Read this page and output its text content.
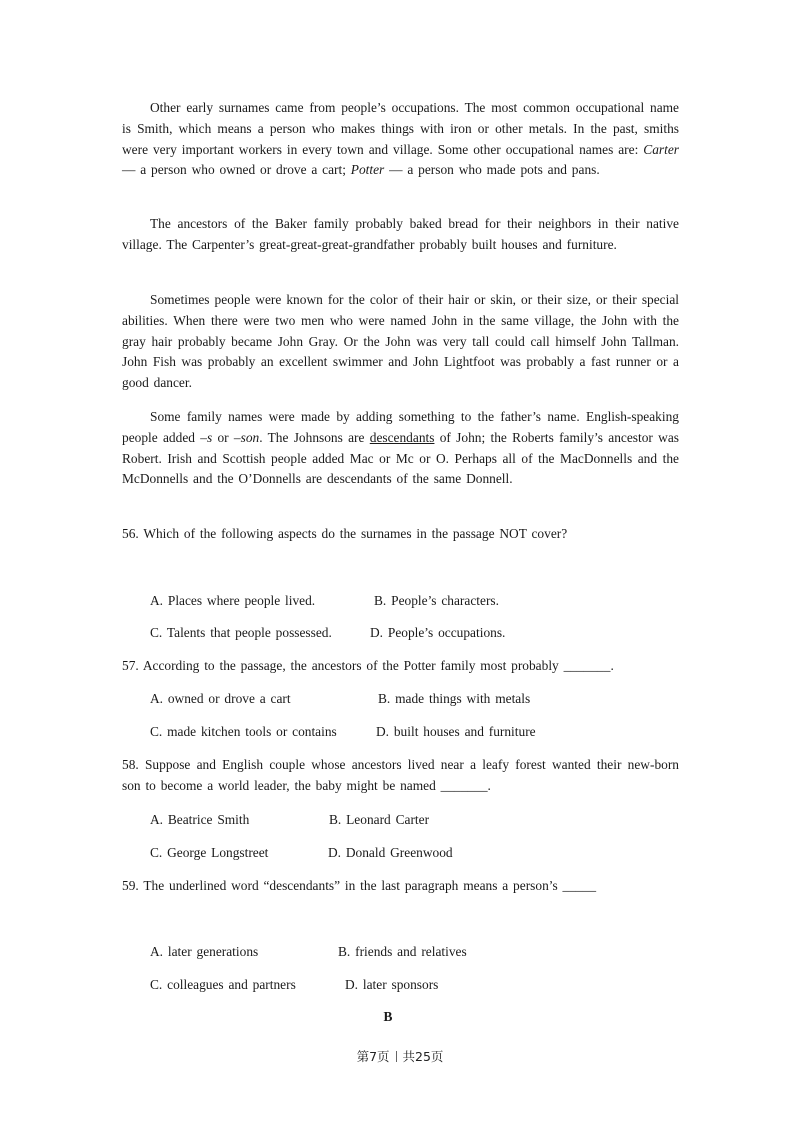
Other early surnames came from people’s occupations. The most common occupational name is Smith, which means a person who makes things with iron or other metals. In the past, smiths were very important workers in every town and village. Some other occupational names are: Carter — a person who owned or drove a cart; Potter — a person who made pots and pans.

The ancestors of the Baker family probably baked bread for their neighbors in their native village. The Carpenter’s great-great-great-grandfather probably built houses and furniture.

Sometimes people were known for the color of their hair or skin, or their size, or their special abilities. When there were two men who were named John in the same village, the John with the gray hair probably became John Gray. Or the John was very tall could call himself John Tallman. John Fish was probably an excellent swimmer and John Lightfoot was probably a fast runner or a good dancer.

Some family names were made by adding something to the father’s name. English-speaking people added –s or –son. The Johnsons are descendants of John; the Roberts family’s ancestor was Robert. Irish and Scottish people added Mac or Mc or O. Perhaps all of the MacDonnells and the McDonnells and the O’Donnells are descendants of the same Donnell.

56. Which of the following aspects do the surnames in the passage NOT cover?

A. Places where people lived.	B. People’s characters.
C. Talents that people possessed.	D. People’s occupations.

57. According to the passage, the ancestors of the Potter family most probably _______.

A. owned or drove a cart	B. made things with metals
C. made kitchen tools or contains	D. built houses and furniture

58. Suppose and English couple whose ancestors lived near a leafy forest wanted their new-born son to become a world leader, the baby might be named _______.

A. Beatrice Smith	B. Leonard Carter
C. George Longstreet	D. Donald Greenwood

59. The underlined word “descendants” in the last paragraph means a person’s _____

A. later generations	B. friends and relatives
C. colleagues and partners	D. later sponsors
B
第7页 共25页
